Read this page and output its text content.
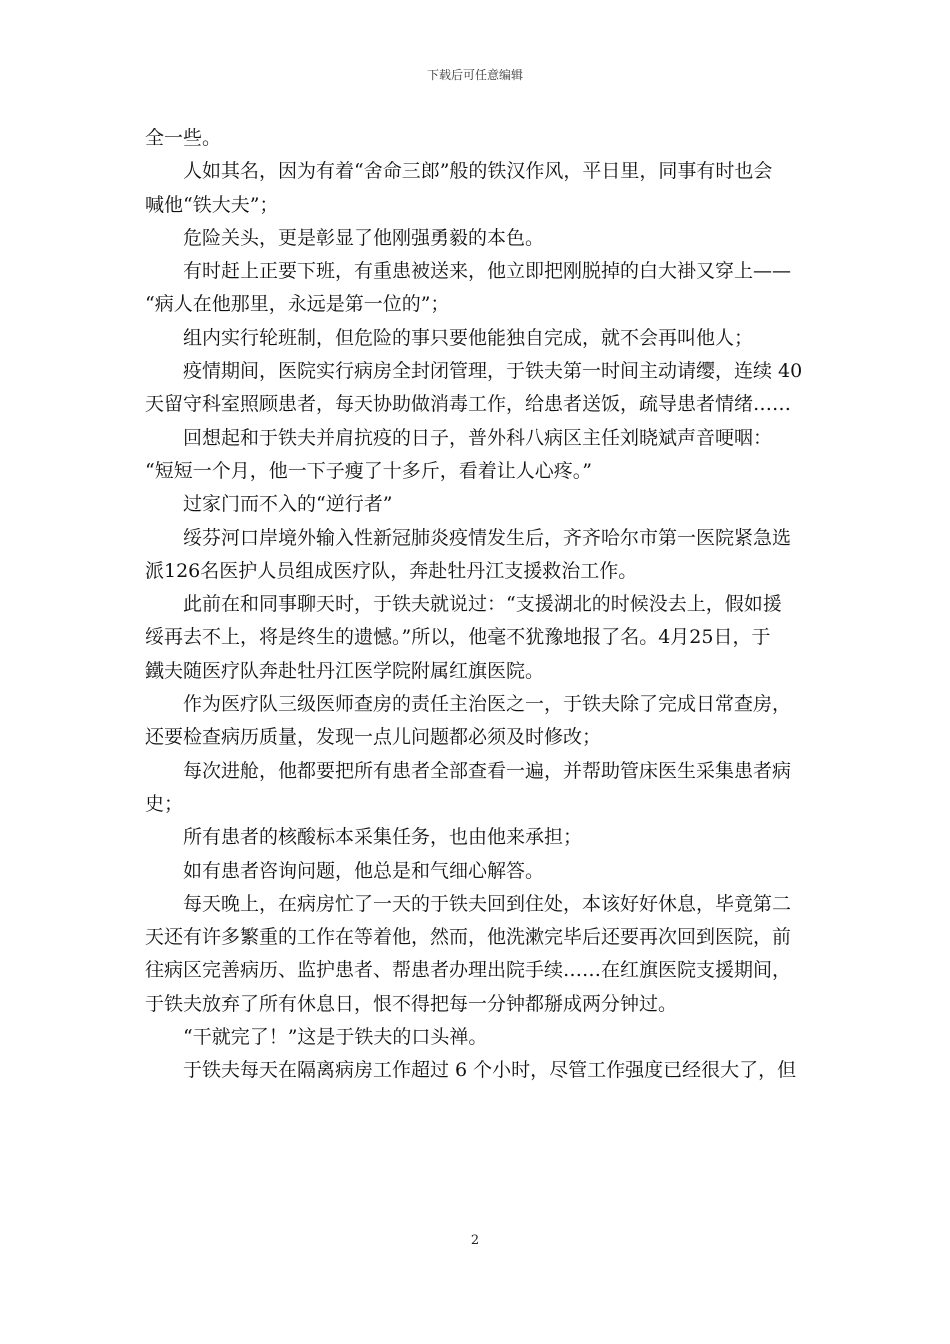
下载后可任意编辑
全一些。
人如其名，因为有着“舍命三郎”般的铁汉作风，平日里，同事有时也会
喊他“铁大夫”；
危险关头，更是彰显了他刚强勇毅的本色。
有时赶上正要下班，有重患被送来，他立即把刚脱掉的白大褂又穿上——
“病人在他那里，永远是第一位的”；
组内实行轮班制，但危险的事只要他能独自完成，就不会再叫他人；
疫情期间，医院实行病房全封闭管理，于铁夫第一时间主动请缨，连续 40
天留守科室照顾患者，每天协助做消毒工作，给患者送饭，疏导患者情绪……
回想起和于铁夫并肩抗疫的日子，普外科八病区主任刘晓斌声音哽咽：
“短短一个月，他一下子瘦了十多斤，看着让人心疼。”
过家门而不入的“逆行者”
绥芬河口岸境外输入性新冠肺炎疫情发生后，齐齐哈尔市第一医院紧急选
派126名医护人员组成医疗队，奔赴牡丹江支援救治工作。
此前在和同事聊天时，于铁夫就说过：“支援湖北的时候没去上，假如援
绥再去不上，将是终生的遗憾。”所以，他毫不犹豫地报了名。4月25日，于
鐵夫随医疗队奔赴牡丹江医学院附属红旗医院。
作为医疗队三级医师查房的责任主治医之一，于铁夫除了完成日常查房，
还要检查病历质量，发现一点儿问题都必须及时修改；
每次进舱，他都要把所有患者全部查看一遍，并帮助管床医生采集患者病
史；
所有患者的核酸标本采集任务，也由他来承担；
如有患者咨询问题，他总是和气细心解答。
每天晚上，在病房忙了一天的于铁夫回到住处，本该好好休息，毕竟第二
天还有许多繁重的工作在等着他，然而，他洗漱完毕后还要再次回到医院，前
往病区完善病历、监护患者、帮患者办理出院手续……在红旗医院支援期间，
于铁夫放弃了所有休息日，恨不得把每一分钟都掰成两分钟过。
“干就完了！”这是于铁夫的口头禅。
于铁夫每天在隔离病房工作超过 6 个小时，尽管工作强度已经很大了，但
2
